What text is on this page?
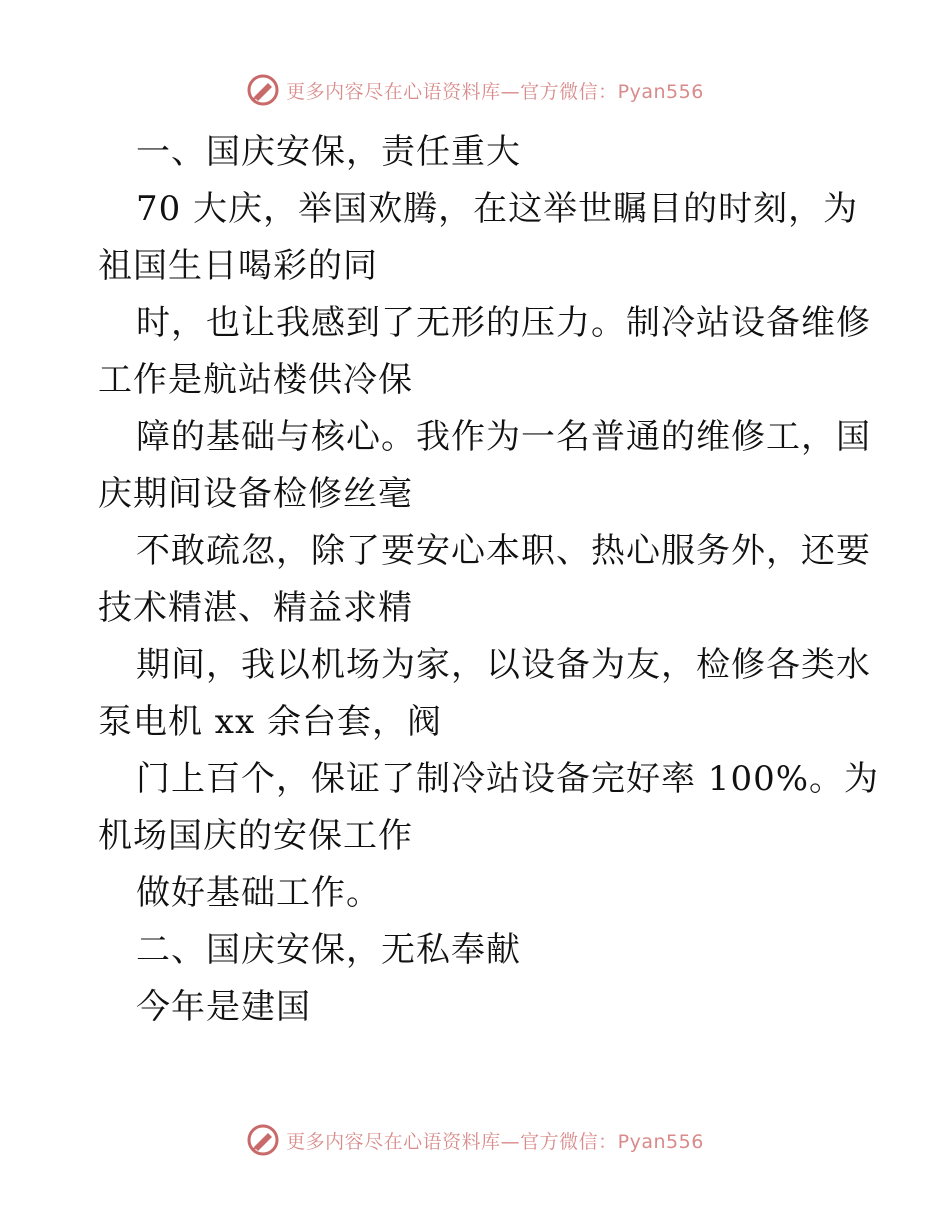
更多内容尽在心语资料库—官方微信：Pyan556
一、国庆安保，责任重大
70 大庆，举国欢腾，在这举世瞩目的时刻，为
祖国生日喝彩的同
时，也让我感到了无形的压力。制冷站设备维修
工作是航站楼供冷保
障的基础与核心。我作为一名普通的维修工，国
庆期间设备检修丝毫
不敢疏忽，除了要安心本职、热心服务外，还要
技术精湛、精益求精
期间，我以机场为家，以设备为友，检修各类水
泵电机 xx 余台套，阀
门上百个，保证了制冷站设备完好率 100%。为
机场国庆的安保工作
做好基础工作。
二、国庆安保，无私奉献
今年是建国
更多内容尽在心语资料库—官方微信：Pyan556
